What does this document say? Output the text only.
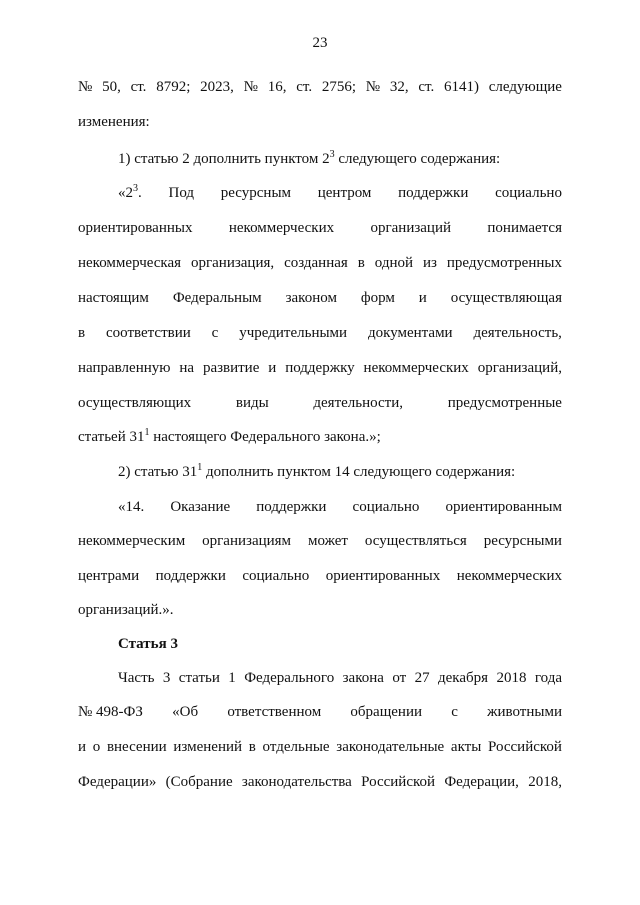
23
№ 50, ст. 8792; 2023, № 16, ст. 2756; № 32, ст. 6141) следующие
изменения:
1) статью 2 дополнить пунктом $2^3$ следующего содержания:
«$2^3$. Под ресурсным центром поддержки социально
ориентированных некоммерческих организаций понимается
некоммерческая организация, созданная в одной из предусмотренных
настоящим Федеральным законом форм и осуществляющая
в соответствии с учредительными документами деятельность,
направленную на развитие и поддержку некоммерческих организаций,
осуществляющих	виды	деятельности,	предусмотренные
статьей $31^1$ настоящего Федерального закона.»;
2) статью $31^1$ дополнить пунктом 14 следующего содержания:
«14. Оказание поддержки социально ориентированным
некоммерческим организациям может осуществляться ресурсными
центрами поддержки социально ориентированных некоммерческих
организаций.».
Статья 3
Часть 3 статьи 1 Федерального закона от 27 декабря 2018 года
№ 498-ФЗ «Об ответственном обращении с животными
и о внесении изменений в отдельные законодательные акты Российской
Федерации» (Собрание законодательства Российской Федерации, 2018,
